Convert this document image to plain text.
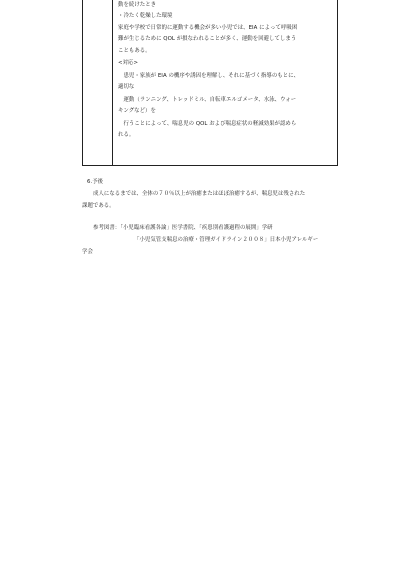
動を続けたとき
・冷たく乾燥した環境
家庭や学校で日常的に運動する機会が多い小児では、EIA によって呼吸困
難が生じるために QOL が損なわれることが多く、運動を回避してしまう
こともある。
<対応>
　患児・家族が EIA の機序や誘因を理解し、それに基づく指導のもとに、
適切な
　運動（ランニング、トレッドミル、自転車エルゴメータ、水泳、ウォー
キングなど）を
　行うことによって、喘息児の QOL および喘息症状の軽減効果が認めら
れる。
6.予後
成人になるまでは、全体の７０％以上が治癒またはほぼ治癒するが、喘息児は残された
課題である。
参考図書：「小児臨床看護各論」医学書院、「疾患別看護過程の展開」学研
「小児気管支喘息の治療・管理ガイドライン２００８」日本小児アレルギー
学会
